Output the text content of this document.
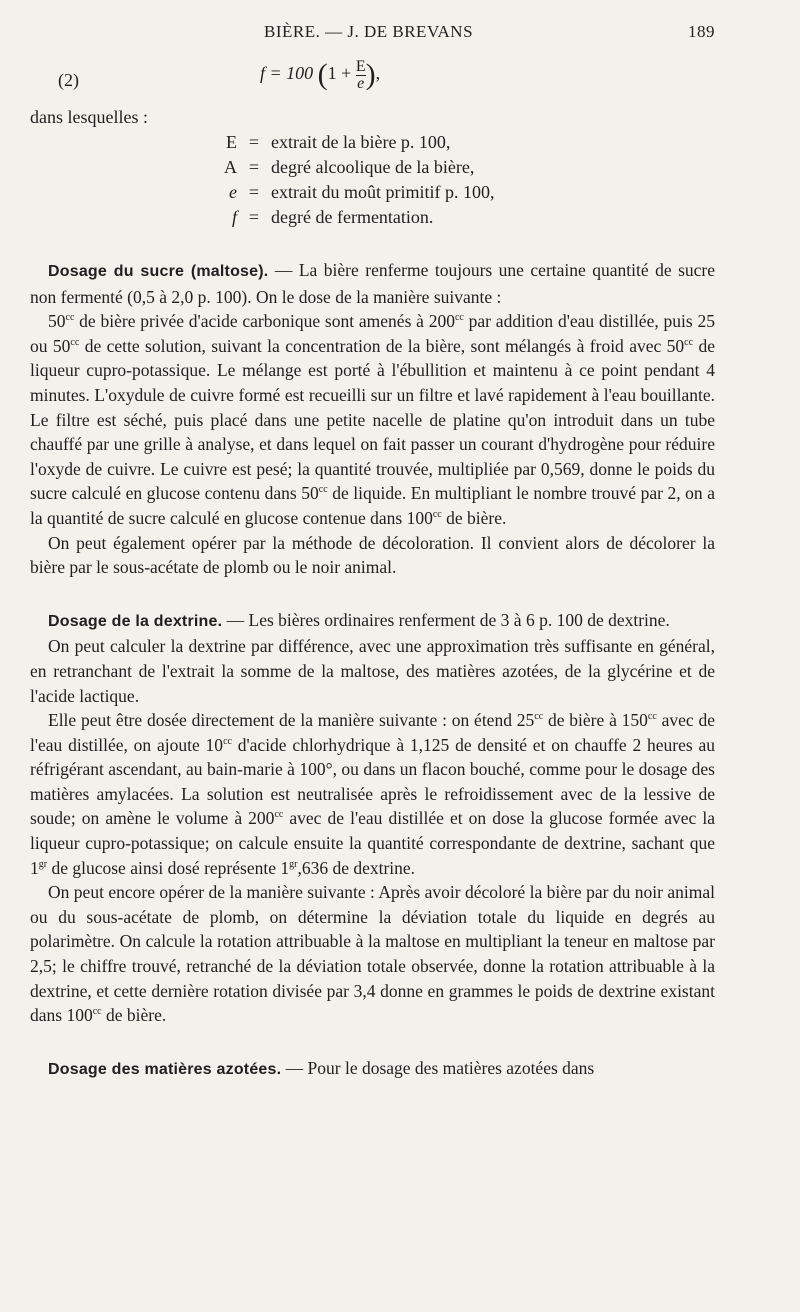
BIÈRE. — J. DE BREVANS	189
(2)	f = 100 ($1 + \frac{E}{e}$ ),
dans lesquelles :
E = extrait de la bière p. 100,
A = degré alcoolique de la bière,
e = extrait du moût primitif p. 100,
f = degré de fermentation.

Dosage du sucre (maltose). — La bière renferme toujours une certaine quantité de sucre non fermenté (0,5 à 2,0 p. 100). On le dose de la manière suivante :

$50^{cc}$ de bière privée d'acide carbonique sont amenés à $200^{cc}$ par addition d'eau distillée, puis 25 ou $50^{cc}$ de cette solution, suivant la concentration de la bière, sont mélangés à froid avec $50^{cc}$ de liqueur cupro-potassique. Le mélange est porté à l'ébullition et maintenu à ce point pendant 4 minutes. L'oxydule de cuivre formé est recueilli sur un filtre et lavé rapidement à l'eau bouillante. Le filtre est séché, puis placé dans une petite nacelle de platine qu'on introduit dans un tube chauffé par une grille à analyse, et dans lequel on fait passer un courant d'hydrogène pour réduire l'oxyde de cuivre. Le cuivre est pesé; la quantité trouvée, multipliée par 0,569, donne le poids du sucre calculé en glucose contenu dans $50^{cc}$ de liquide. En multipliant le nombre trouvé par 2, on a la quantité de sucre calculé en glucose contenue dans $100^{cc}$ de bière.

On peut également opérer par la méthode de décoloration. Il convient alors de décolorer la bière par le sous-acétate de plomb ou le noir animal.

Dosage de la dextrine. — Les bières ordinaires renferment de 3 à 6 p. 100 de dextrine.

On peut calculer la dextrine par différence, avec une approximation très suffisante en général, en retranchant de l'extrait la somme de la maltose, des matières azotées, de la glycérine et de l'acide lactique.

Elle peut être dosée directement de la manière suivante : on étend $25^{cc}$ de bière à $150^{cc}$ avec de l'eau distillée, on ajoute $10^{cc}$ d'acide chlorhydrique à 1,125 de densité et on chauffe 2 heures au réfrigérant ascendant, au bain-marie à 100°, ou dans un flacon bouché, comme pour le dosage des matières amylacées. La solution est neutralisée après le refroidissement avec de la lessive de soude; on amène le volume à $200^{cc}$ avec de l'eau distillée et on dose la glucose formée avec la liqueur cupro-potassique; on calcule ensuite la quantité correspondante de dextrine, sachant que $1^{gr}$ de glucose ainsi dosé représente $1^{gr},636$ de dextrine.

On peut encore opérer de la manière suivante : Après avoir décoloré la bière par du noir animal ou du sous-acétate de plomb, on détermine la déviation totale du liquide en degrés au polarimètre. On calcule la rotation attribuable à la maltose en multipliant la teneur en maltose par 2,5; le chiffre trouvé, retranché de la déviation totale observée, donne la rotation attribuable à la dextrine, et cette dernière rotation divisée par 3,4 donne en grammes le poids de dextrine existant dans $100^{cc}$ de bière.

Dosage des matières azotées. — Pour le dosage des matières azotées dans
